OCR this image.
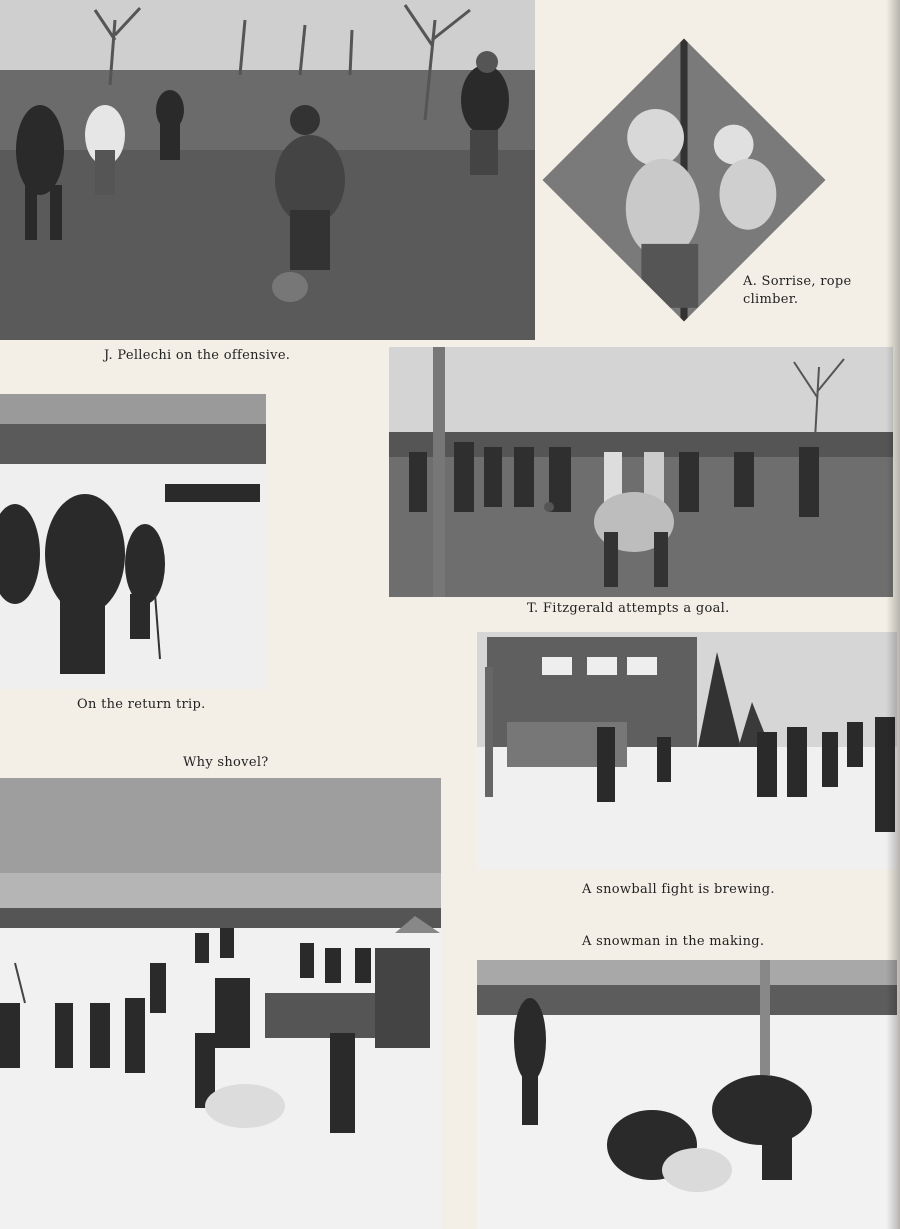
A. Sorrise, rope
climber.
J. Pellechi on the offensive.
T. Fitzgerald attempts a goal.
On the return trip.
Why shovel?
A snowball fight is brewing.
A snowman in the making.
